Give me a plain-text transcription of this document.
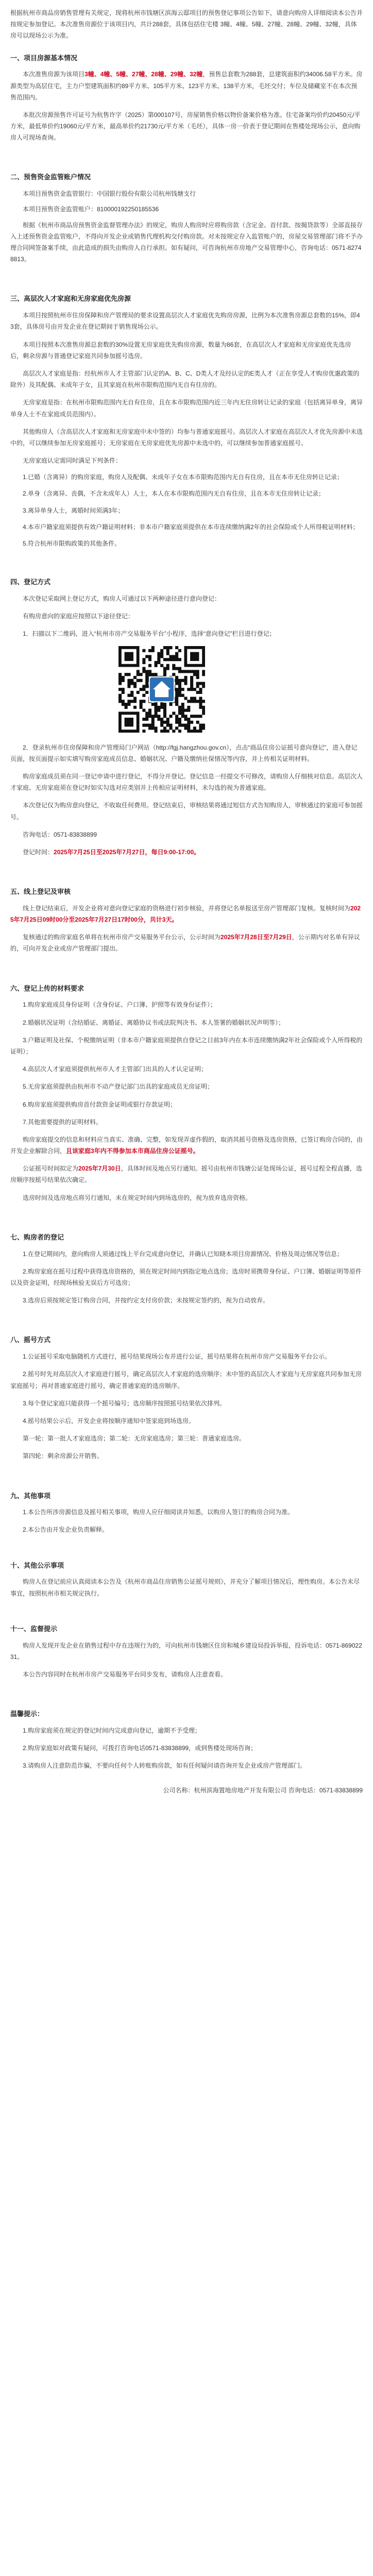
根据杭州市商品房销售管理有关规定，现将杭州市钱塘区滨海云邸项目的预售登记事项公告如下，请意向购房人详细阅读本公告并按规定参加登记。本次准售房源位于该项目内，共计288套，具体包括住宅楼 3幢、4幢、5幢、27幢、28幢、29幢、32幢，具体房号以现场公示为准。

一、项目房源基本情况

本次准售房源为该项目3幢、4幢、5幢、27幢、28幢、29幢、32幢，预售总套数为288套，总建筑面积约34006.58平方米。房源类型为高层住宅，主力户型建筑面积约89平方米、105平方米、123平方米、138平方米，毛坯交付；车位及储藏室不在本次预售范围内。

本批次房源预售许可证号为杭售许字（2025）第000107号，房屋销售价格以物价备案价格为准。住宅备案均价约20450元/平方米，最低单价约19060元/平方米，最高单价约21730元/平方米（毛坯），具体一房一价表于登记期间在售楼处现场公示，意向购房人可现场查询。

二、预售资金监管账户情况

本项目预售资金监管银行：中国银行股份有限公司杭州钱塘支行

本项目预售资金监管账户：810000192250185536

根据《杭州市商品房预售资金监督管理办法》的规定，购房人购房时应将购房款（含定金、首付款、按揭贷款等）全部直接存入上述预售资金监管账户，不得向开发企业或销售代理机构交付购房款。对未按规定存入监管账户的，房屋交易管理部门将不予办理合同网签备案手续，由此造成的损失由购房人自行承担。如有疑问，可咨询杭州市房地产交易管理中心，咨询电话：0571-82748813。

三、高层次人才家庭和无房家庭优先房源

本项目按照杭州市住房保障和房产管理局的要求设置高层次人才家庭优先购房房源，比例为本次准售房源总套数的15%，即43套，具体房号由开发企业在登记期间于销售现场公示。

本项目按照本次准售房源总套数的30%设置无房家庭优先购房房源，数量为86套，在高层次人才家庭和无房家庭优先选房后，剩余房源与普通登记家庭共同参加摇号选房。

高层次人才家庭是指：经杭州市人才主管部门认定的A、B、C、D类人才及经认定的E类人才（正在享受人才购房优惠政策的除外）及其配偶、未成年子女，且其家庭在杭州市限购范围内无自有住房的。

无房家庭是指：在杭州市限购范围内无自有住房，且在本市限购范围内近三年内无住房转让记录的家庭（包括离异单身，离异单身人士不在家庭成员范围内）。

其他购房人（含高层次人才家庭和无房家庭中未中签的）均参与普通家庭摇号。高层次人才家庭在高层次人才优先房源中未选中的，可以继续参加无房家庭摇号；无房家庭在无房家庭优先房源中未选中的，可以继续参加普通家庭摇号。

无房家庭认定需同时满足下列条件：

1.已婚（含离异）的购房家庭，购房人及配偶、未成年子女在本市限购范围内无自有住房，且在本市无住房转让记录；

2.单身（含离异、丧偶，不含未成年人）人士，本人在本市限购范围内无自有住房，且在本市无住房转让记录；

3.离异单身人士，离婚时间须满3年；

4.本市户籍家庭须提供有效户籍证明材料；非本市户籍家庭须提供在本市连续缴纳满2年的社会保险或个人所得税证明材料；

5.符合杭州市限购政策的其他条件。

四、登记方式

本次登记采取网上登记方式，购房人可通过以下两种途径进行意向登记：

有购房意向的家庭应按照以下途径登记：

1．扫描以下二维码，进入“杭州市房产交易服务平台”小程序，选择“意向登记”栏目进行登记；

2．登录杭州市住房保障和房产管理局门户网站（http://fgj.hangzhou.gov.cn），点击“商品住房公证摇号意向登记”，进入登记页面，按页面提示如实填写购房家庭成员信息、婚姻状况、户籍及缴纳社保情况等内容，并上传相关证明材料。

购房家庭成员须在同一登记申请中进行登记，不得分开登记。登记信息一经提交不可修改，请购房人仔细核对信息。高层次人才家庭、无房家庭须在登记时如实勾选对应类别并上传相应证明材料，未勾选的视为普通家庭。

本次登记仅为购房意向登记，不收取任何费用。登记结束后，审核结果将通过短信方式告知购房人，审核通过的家庭可参加摇号。

咨询电话：0571-83838899

登记时间：2025年7月25日至2025年7月27日，每日9:00-17:00。

五、线上登记及审核

线上登记结束后，开发企业将对意向登记家庭的资格进行初步核验，并将登记名单报送至房产管理部门复核。复核时间为2025年7月25日09时00分至2025年7月27日17时00分，共计3天。

复核通过的购房家庭名单将在杭州市房产交易服务平台公示，公示时间为2025年7月28日至7月29日，公示期内对名单有异议的，可向开发企业或房产管理部门提出。

六、登记上传的材料要求

1.购房家庭成员身份证明（含身份证、户口簿、护照等有效身份证件）；

2.婚姻状况证明（含结婚证、离婚证、离婚协议书或法院判决书、本人签署的婚姻状况声明等）；

3.户籍证明及社保、个税缴纳证明（非本市户籍家庭须提供自登记之日前3年内在本市连续缴纳满2年社会保险或个人所得税的证明）；

4.高层次人才家庭须提供杭州市人才主管部门出具的人才认定证明；

5.无房家庭须提供由杭州市不动产登记部门出具的家庭成员无房证明；

6.购房家庭须提供购房首付款资金证明或银行存款证明；

7.其他需要提供的证明材料。

购房家庭提交的信息和材料应当真实、准确、完整，如发现弄虚作假的，取消其摇号资格及选房资格，已签订购房合同的，由开发企业解除合同，且该家庭3年内不得参加本市商品住房公证摇号。

公证摇号时间拟定为2025年7月30日，具体时间及地点另行通知。摇号由杭州市钱塘公证处现场公证，摇号过程全程直播，选房顺序按摇号结果依次确定。

选房时间及选房地点将另行通知，未在规定时间内到场选房的，视为放弃选房资格。

七、购房者的登记

1.在登记期间内，意向购房人须通过线上平台完成意向登记，并确认已知晓本项目房源情况、价格及周边情况等信息；

2.购房家庭在摇号过程中获得选房资格的，须在规定时间内到指定地点选房；选房时须携带身份证、户口簿、婚姻证明等原件以及资金证明，经现场核验无误后方可选房；

3.选房后须按规定签订购房合同，并按约定支付房价款；未按规定签约的，视为自动放弃。

八、摇号方式

1.公证摇号采取电脑随机方式进行，摇号结果现场公布并进行公证，摇号结果将在杭州市房产交易服务平台公示。

2.摇号时先对高层次人才家庭进行摇号，确定高层次人才家庭的选房顺序；未中签的高层次人才家庭与无房家庭共同参加无房家庭摇号；再对普通家庭进行摇号，确定普通家庭的选房顺序。

3.每个登记家庭只能获得一个摇号编号；选房顺序按照摇号结果依次排列。

4.摇号结果公示后，开发企业将按顺序通知中签家庭到场选房。

第一轮：第一批人才家庭选房；第二轮：无房家庭选房；第三轮：普通家庭选房。

第四轮：剩余房源公开销售。

九、其他事项

1.本公告所涉房源信息及摇号相关事项，购房人应仔细阅读并知悉，以购房人签订的购房合同为准。

2.本公告由开发企业负责解释。

十、其他公示事项

购房人在登记前应认真阅读本公告及《杭州市商品住房销售公证摇号规则》，并充分了解项目情况后，理性购房。本公告未尽事宜，按照杭州市相关规定执行。

十一、监督提示

购房人发现开发企业在销售过程中存在违规行为的，可向杭州市钱塘区住房和城乡建设局投诉举报，投诉电话：0571-86902231。

本公告内容同时在杭州市房产交易服务平台同步发布，请购房人注意查看。

温馨提示：

1.购房家庭须在规定的登记时间内完成意向登记，逾期不予受理；

2.购房家庭如对政策有疑问，可拨打咨询电话0571-83838899，或到售楼处现场咨询；

3.请购房人注意防范诈骗，不要向任何个人转账购房款，如有任何疑问请咨询开发企业或房产管理部门。

公司名称：杭州滨海置地房地产开发有限公司 咨询电话：0571-83838899
